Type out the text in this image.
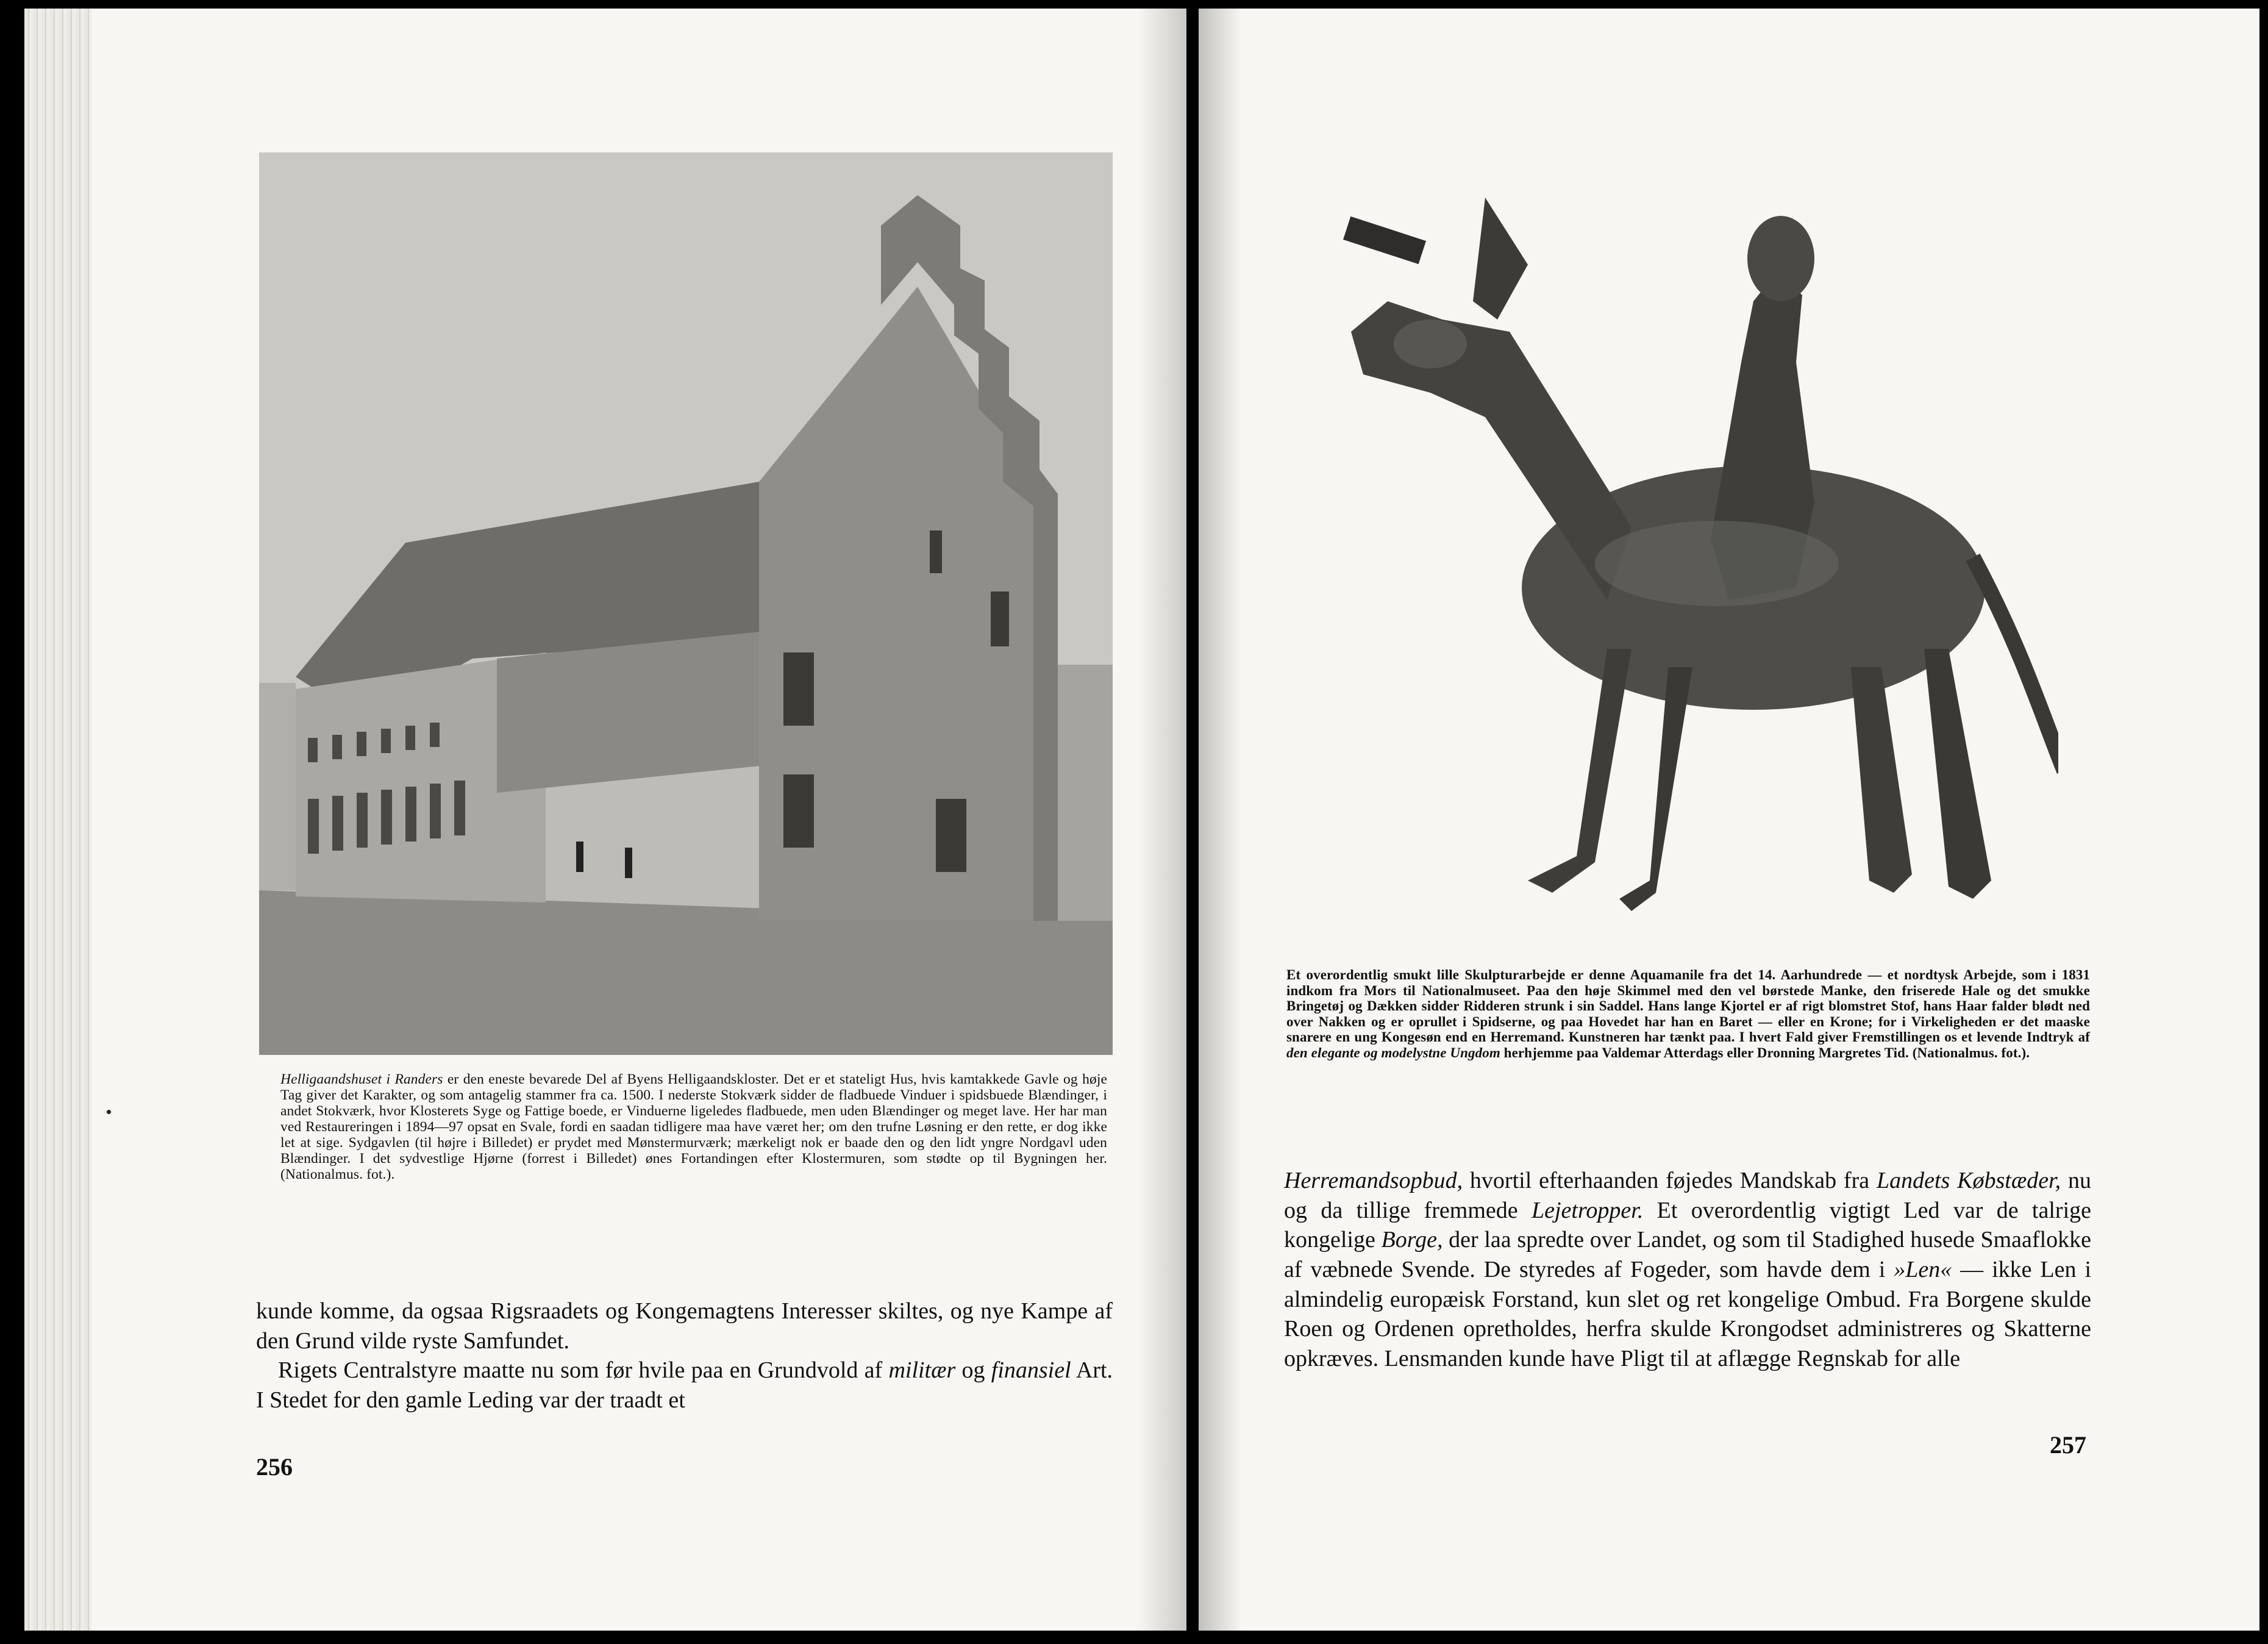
Helligaandshuset i Randers er den eneste bevarede Del af Byens Helligaandskloster. Det er et stateligt Hus, hvis kamtakkede Gavle og høje Tag giver det Karakter, og som antagelig stammer fra ca. 1500. I nederste Stokværk sidder de fladbuede Vinduer i spidsbuede Blændinger, i andet Stokværk, hvor Klosterets Syge og Fattige boede, er Vinduerne ligeledes fladbuede, men uden Blændinger og meget lave. Her har man ved Restaureringen i 1894—97 opsat en Svale, fordi en saadan tidligere maa have været her; om den trufne Løsning er den rette, er dog ikke let at sige. Sydgavlen (til højre i Billedet) er prydet med Mønstermurværk; mærkeligt nok er baade den og den lidt yngre Nordgavl uden Blændinger. I det sydvestlige Hjørne (forrest i Billedet) ønes Fortandingen efter Klostermuren, som stødte op til Bygningen her. (Nationalmus. fot.).

kunde komme, da ogsaa Rigsraadets og Kongemagtens Interesser skiltes, og nye Kampe af den Grund vilde ryste Samfundet.

Rigets Centralstyre maatte nu som før hvile paa en Grundvold af militær og finansiel Art. I Stedet for den gamle Leding var der traadt et

256
Et overordentlig smukt lille Skulpturarbejde er denne Aquamanile fra det 14. Aarhundrede — et nordtysk Arbejde, som i 1831 indkom fra Mors til Nationalmuseet. Paa den høje Skimmel med den vel børstede Manke, den friserede Hale og det smukke Bringetøj og Dækken sidder Ridderen strunk i sin Saddel. Hans lange Kjortel er af rigt blomstret Stof, hans Haar falder blødt ned over Nakken og er oprullet i Spidserne, og paa Hovedet har han en Baret — eller en Krone; for i Virkeligheden er det maaske snarere en ung Kongesøn end en Herremand. Kunstneren har tænkt paa. I hvert Fald giver Fremstillingen os et levende Indtryk af den elegante og modelystne Ungdom herhjemme paa Valdemar Atterdags eller Dronning Margretes Tid. (Nationalmus. fot.).

Herremandsopbud, hvortil efterhaanden føjedes Mandskab fra Landets Købstæder, nu og da tillige fremmede Lejetropper. Et overordentlig vigtigt Led var de talrige kongelige Borge, der laa spredte over Landet, og som til Stadighed husede Smaaflokke af væbnede Svende. De styredes af Fogeder, som havde dem i »Len« — ikke Len i almindelig europæisk Forstand, kun slet og ret kongelige Ombud. Fra Borgene skulde Roen og Ordenen opretholdes, herfra skulde Krongodset administreres og Skatterne opkræves. Lensmanden kunde have Pligt til at aflægge Regnskab for alle

257
